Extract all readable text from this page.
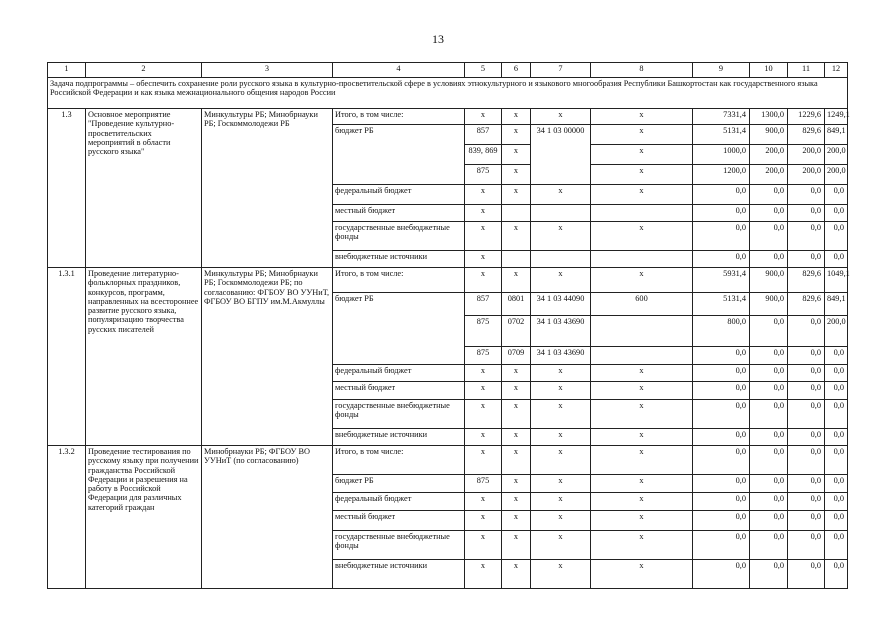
13
1	2	3	4	5	6	7	8	9	10	11	12
Задача подпрограммы – обеспечить сохранение роли русского языка в культурно-просветительской сфере в условиях этнокультурного и языкового многообразия Республики Башкортостан как государственного языка Российской Федерации и как языка межнационального общения народов России											
1.3	Основное мероприятие "Проведение культурно-просветительских мероприятий в области русского языка"	Минкультуры РБ; Минобрнауки РБ; Госкоммолодежи РБ	Итого, в том числе:	х	х	х	х	7331,4	1300,0	1229,6	1249,1
			бюджет РБ	857	х	34 1 03 00000	х	5131,4	900,0	829,6	849,1
				839, 869	х		х	1000,0	200,0	200,0	200,0
				875	х		х	1200,0	200,0	200,0	200,0
			федеральный бюджет	х	х	х	х	0,0	0,0	0,0	0,0
			местный бюджет	х				0,0	0,0	0,0	0,0
			государственные внебюджетные фонды	х	х	х	х	0,0	0,0	0,0	0,0
			внебюджетные источники	х				0,0	0,0	0,0	0,0
1.3.1	Проведение литературно-фольклорных праздников, конкурсов, программ, направленных на всестороннее развитие русского языка, популяризацию творчества русских писателей	Минкультуры РБ; Минобрнауки РБ; Госкоммолодежи РБ; по согласованию: ФГБОУ ВО УУНиТ, ФГБОУ ВО БГПУ им.М.Акмуллы	Итого, в том числе:	х	х	х	х	5931,4	900,0	829,6	1049,1
			бюджет РБ	857	0801	34 1 03 44090	600	5131,4	900,0	829,6	849,1
				875	0702	34 1 03 43690		800,0	0,0	0,0	200,0
				875	0709	34 1 03 43690		0,0	0,0	0,0	0,0
			федеральный бюджет	х	х	х	х	0,0	0,0	0,0	0,0
			местный бюджет	х	х	х	х	0,0	0,0	0,0	0,0
			государственные внебюджетные фонды	х	х	х	х	0,0	0,0	0,0	0,0
			внебюджетные источники	х	х	х	х	0,0	0,0	0,0	0,0
1.3.2	Проведение тестирования по русскому языку при получении гражданства Российской Федерации и разрешения на работу в Российской Федерации для различных категорий граждан	Минобрнауки РБ; ФГБОУ ВО УУНиТ (по согласованию)	Итого, в том числе:	х	х	х	х	0,0	0,0	0,0	0,0
			бюджет РБ	875	х	х	х	0,0	0,0	0,0	0,0
			федеральный бюджет	х	х	х	х	0,0	0,0	0,0	0,0
			местный бюджет	х	х	х	х	0,0	0,0	0,0	0,0
			государственные внебюджетные фонды	х	х	х	х	0,0	0,0	0,0	0,0
			внебюджетные источники	х	х	х	х	0,0	0,0	0,0	0,0
